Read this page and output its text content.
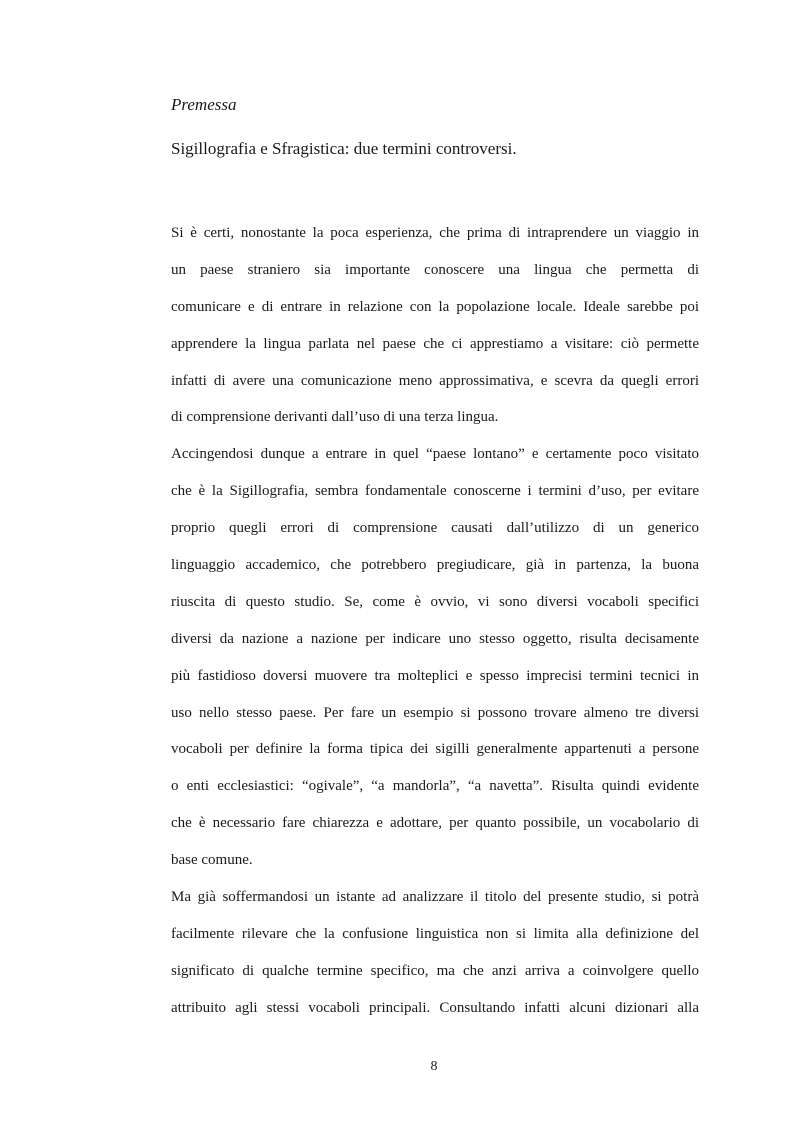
Premessa
Sigillografia e Sfragistica: due termini controversi.
Si è certi, nonostante la poca esperienza, che prima di intraprendere un viaggio in
un paese straniero sia importante conoscere una lingua che permetta di
comunicare e di entrare in relazione con la popolazione locale. Ideale sarebbe poi
apprendere la lingua parlata nel paese che ci apprestiamo a visitare: ciò permette
infatti di avere una comunicazione meno approssimativa, e scevra da quegli errori
di comprensione derivanti dall’uso di una terza lingua.
Accingendosi dunque a entrare in quel “paese lontano” e certamente poco visitato
che è la Sigillografia, sembra fondamentale conoscerne i termini d’uso, per evitare
proprio quegli errori di comprensione causati dall’utilizzo di un generico
linguaggio accademico, che potrebbero pregiudicare, già in partenza, la buona
riuscita di questo studio. Se, come è ovvio, vi sono diversi vocaboli specifici
diversi da nazione a nazione per indicare uno stesso oggetto, risulta decisamente
più fastidioso doversi muovere tra molteplici e spesso imprecisi termini tecnici in
uso nello stesso paese. Per fare un esempio si possono trovare almeno tre diversi
vocaboli per definire la forma tipica dei sigilli generalmente appartenuti a persone
o enti ecclesiastici: “ogivale”, “a mandorla”, “a navetta”. Risulta quindi evidente
che è necessario fare chiarezza e adottare, per quanto possibile, un vocabolario di
base comune.
Ma già soffermandosi un istante ad analizzare il titolo del presente studio, si potrà
facilmente rilevare che la confusione linguistica non si limita alla definizione del
significato di qualche termine specifico, ma che anzi arriva a coinvolgere quello
attribuito agli stessi vocaboli principali. Consultando infatti alcuni dizionari alla
8
